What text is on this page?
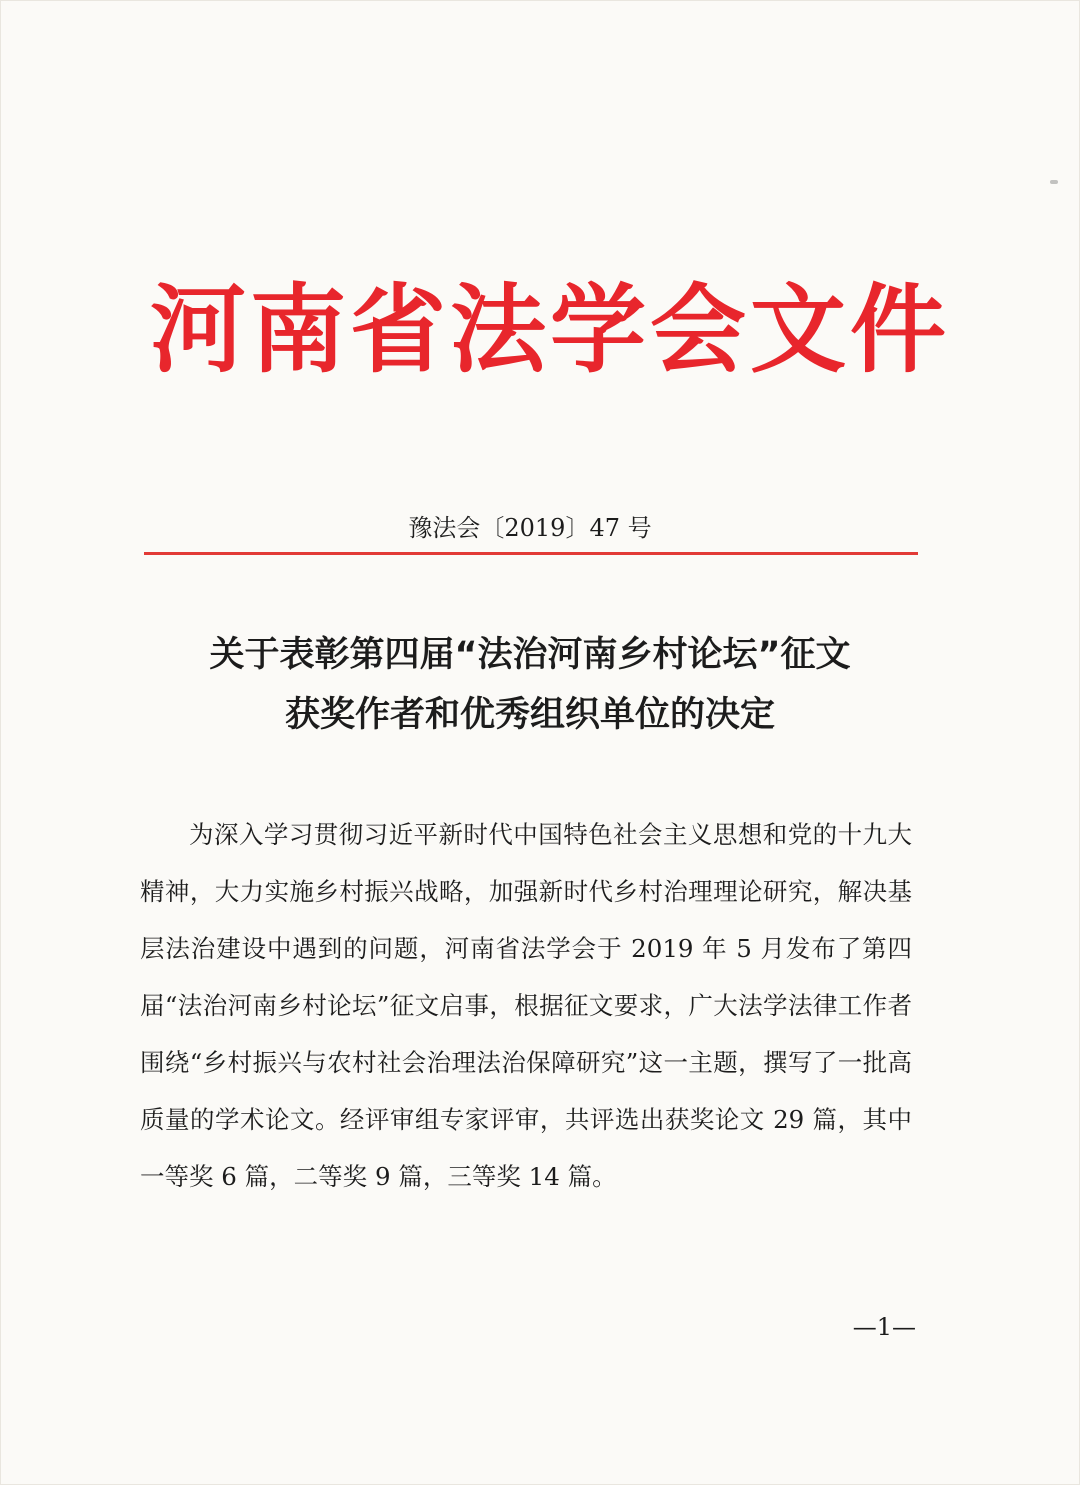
河南省法学会文件
豫法会〔2019〕47 号
关于表彰第四届“法治河南乡村论坛”征文
获奖作者和优秀组织单位的决定

为深入学习贯彻习近平新时代中国特色社会主义思想和党的十九大精神，大力实施乡村振兴战略，加强新时代乡村治理理论研究，解决基层法治建设中遇到的问题，河南省法学会于 2019 年 5 月发布了第四届“法治河南乡村论坛”征文启事，根据征文要求，广大法学法律工作者围绕“乡村振兴与农村社会治理法治保障研究”这一主题，撰写了一批高质量的学术论文。经评审组专家评审，共评选出获奖论文 29 篇，其中一等奖 6 篇，二等奖 9 篇，三等奖 14 篇。

—1—
